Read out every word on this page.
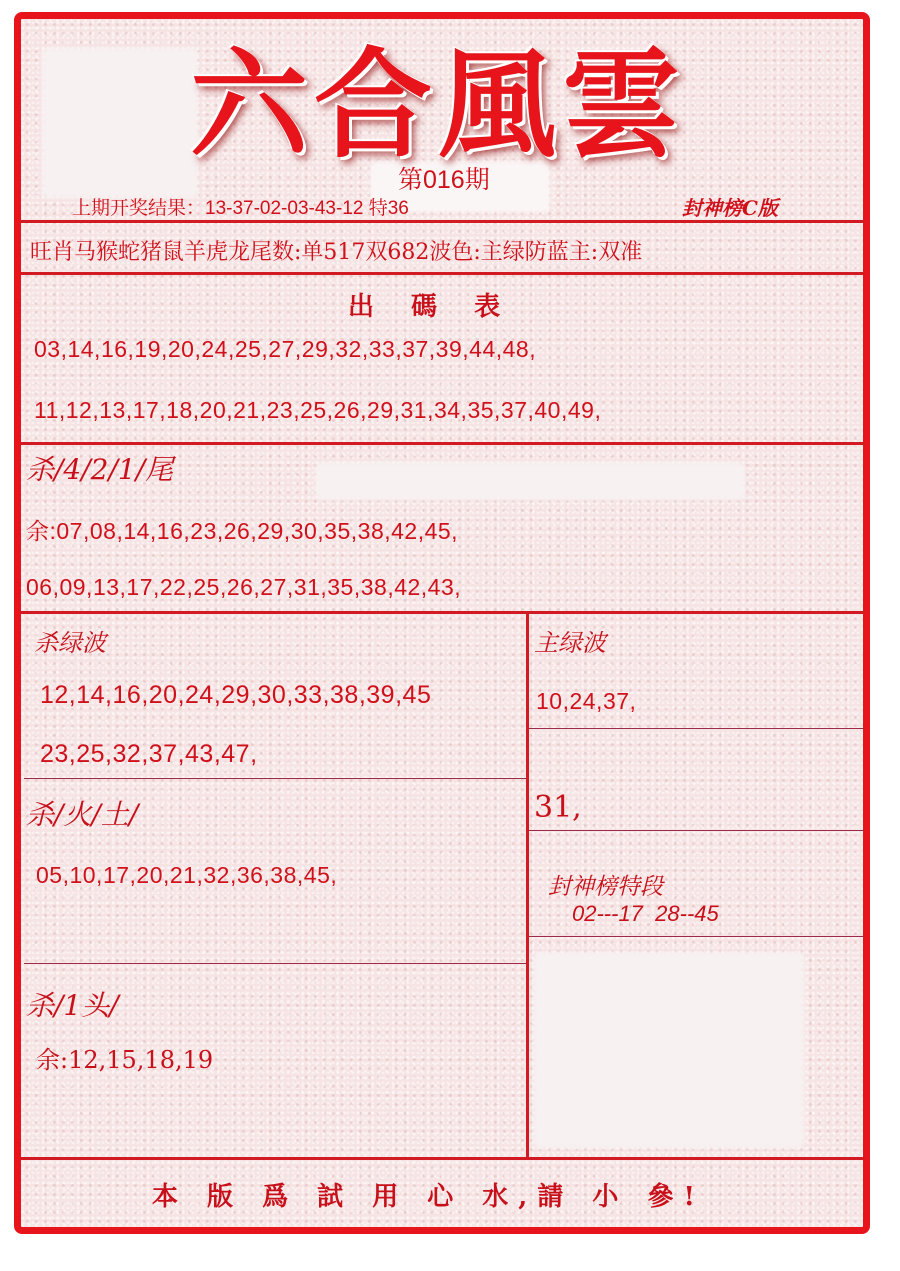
六合風雲
第016期
上期开奖结果：13-37-02-03-43-12 特36	封神榜C版
旺肖马猴蛇猪鼠羊虎龙尾数:单517双682波色:主绿防蓝主:双准
出 碼 表
03,14,16,19,20,24,25,27,29,32,33,37,39,44,48,
11,12,13,17,18,20,21,23,25,26,29,31,34,35,37,40,49,
杀/4/2/1/尾
余:07,08,14,16,23,26,29,30,35,38,42,45,
06,09,13,17,22,25,26,27,31,35,38,42,43,
杀绿波
12,14,16,20,24,29,30,33,38,39,45
23,25,32,37,43,47,
主绿波
10,24,37,
31,
杀/火/土/
05,10,17,20,21,32,36,38,45,	封神榜特段
02---17  28--45
杀/1头/
余:12,15,18,19
本 版 爲 試 用 心 水,請 小 參!
